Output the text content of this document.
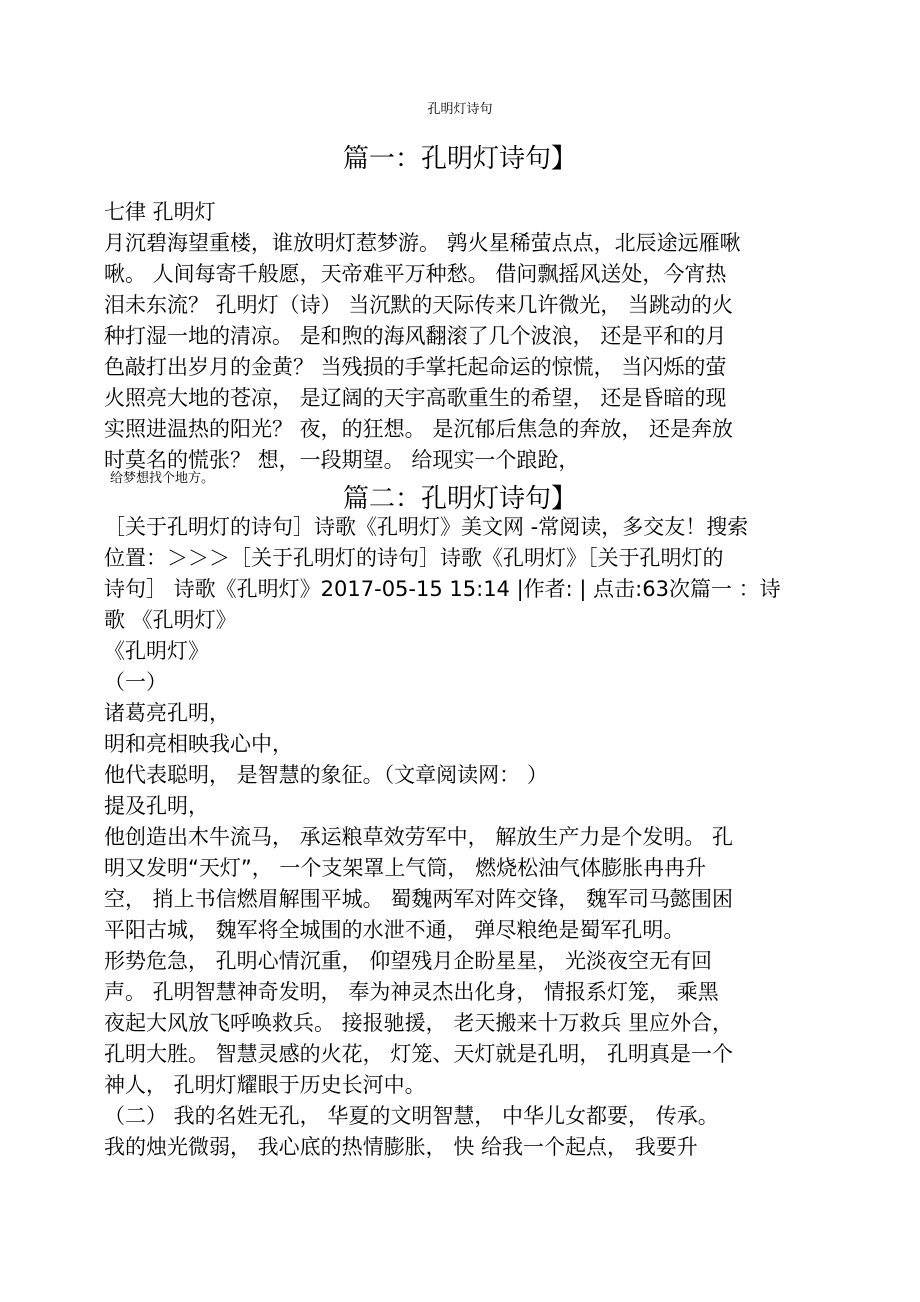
孔明灯诗句
篇一：孔明灯诗句】
七律 孔明灯
月沉碧海望重楼，谁放明灯惹梦游。 鹑火星稀萤点点，北辰途远雁啾
啾。 人间每寄千般愿，天帝难平万种愁。 借问飘摇风送处，今宵热
泪未东流？ 孔明灯（诗） 当沉默的天际传来几许微光， 当跳动的火
种打湿一地的清凉。 是和煦的海风翻滚了几个波浪， 还是平和的月
色敲打出岁月的金黄？ 当残损的手掌托起命运的惊慌， 当闪烁的萤
火照亮大地的苍凉， 是辽阔的天宇高歌重生的希望， 还是昏暗的现
实照进温热的阳光？ 夜，的狂想。 是沉郁后焦急的奔放， 还是奔放
时莫名的慌张？ 想，一段期望。 给现实一个踉跄，
给梦想找个地方。
篇二：孔明灯诗句】
［关于孔明灯的诗句］诗歌《孔明灯》美文网 -常阅读，多交友！搜索
位置：＞＞＞［关于孔明灯的诗句］诗歌《孔明灯》［关于孔明灯的
诗句］ 诗歌《孔明灯》2017-05-15 15:14 |作者: | 点击:63次篇一 ：诗
歌 《孔明灯》
《孔明灯》
（一）
诸葛亮孔明，
明和亮相映我心中，
他代表聪明， 是智慧的象征。（文章阅读网： ）
提及孔明，
他创造出木牛流马， 承运粮草效劳军中， 解放生产力是个发明。 孔
明又发明“天灯”， 一个支架罩上气筒， 燃烧松油气体膨胀冉冉升
空， 捎上书信燃眉解围平城。 蜀魏两军对阵交锋， 魏军司马懿围困
平阳古城， 魏军将全城围的水泄不通， 弹尽粮绝是蜀军孔明。
形势危急， 孔明心情沉重， 仰望残月企盼星星， 光淡夜空无有回
声。 孔明智慧神奇发明， 奉为神灵杰出化身， 情报系灯笼， 乘黑
夜起大风放飞呼唤救兵。 接报驰援， 老天搬来十万救兵 里应外合，
孔明大胜。 智慧灵感的火花， 灯笼、天灯就是孔明， 孔明真是一个
神人， 孔明灯耀眼于历史长河中。
（二） 我的名姓无孔， 华夏的文明智慧， 中华儿女都要， 传承。
我的烛光微弱， 我心底的热情膨胀， 快 给我一个起点， 我要升
